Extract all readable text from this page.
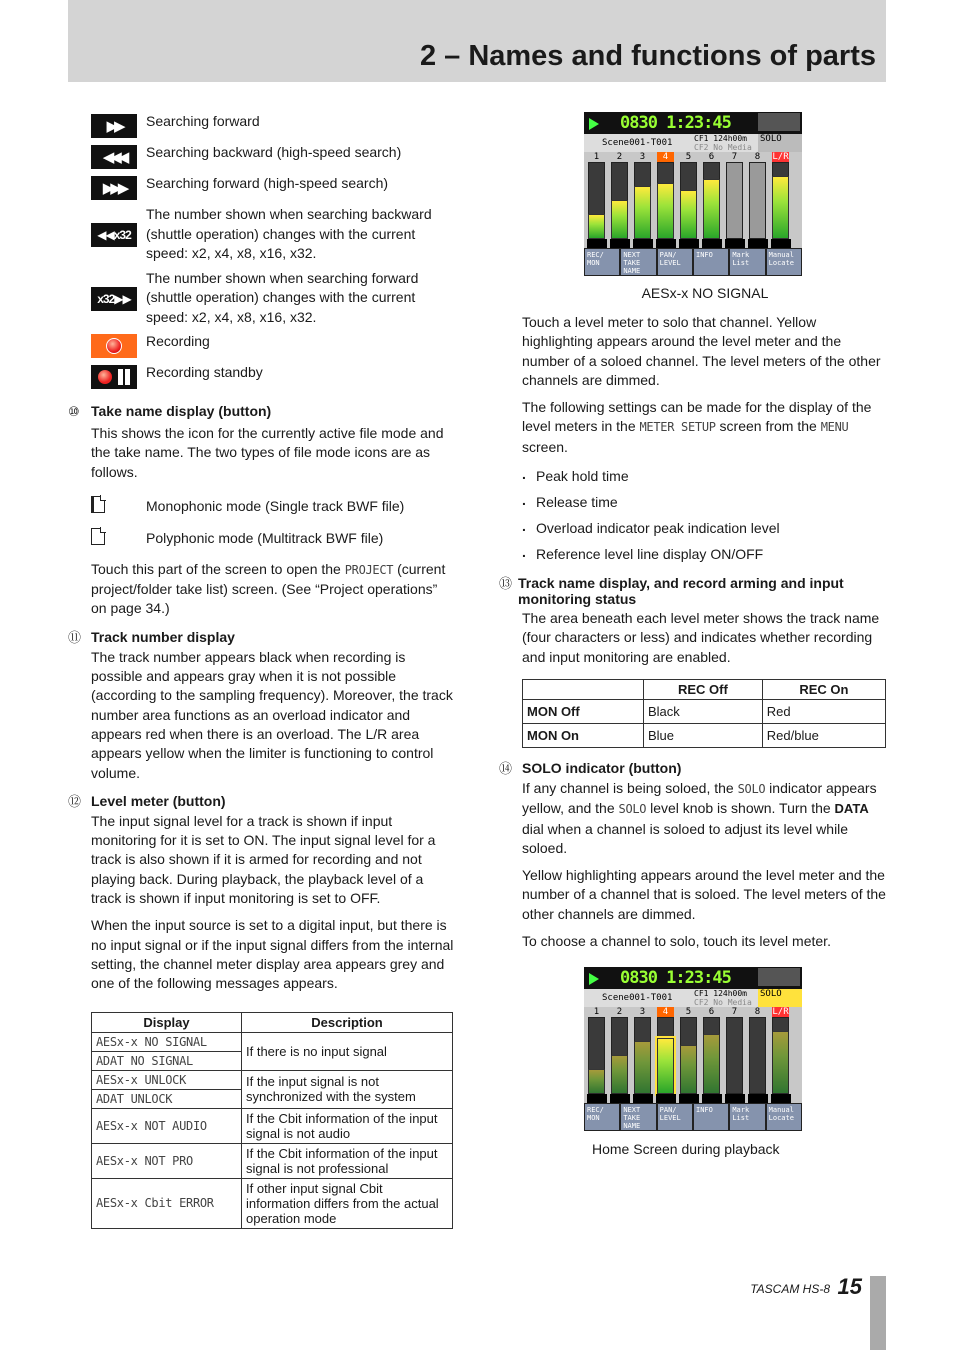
2 – Names and functions of parts
▶▶	Searching forward
◀◀◀	Searching backward (high-speed search)
▶▶▶	Searching forward (high-speed search)
◀◀ x32
The number shown when searching backward (shuttle operation) changes with the current speed: x2, x4, x8, x16, x32.
x32 ▶▶
The number shown when searching forward (shuttle operation) changes with the current speed: x2, x4, x8, x16, x32.
Recording
Recording standby
⑩ Take name display (button)

This shows the icon for the currently active file mode and the take name. The two types of file mode icons are as follows.

Monophonic mode (Single track BWF file)
Polyphonic mode (Multitrack BWF file)

Touch this part of the screen to open the PROJECT (current project/folder take list) screen. (See “Project operations” on page 34.)

⑪ Track number display

The track number appears black when recording is possible and appears gray when it is not possible (according to the sampling frequency). Moreover, the track number area functions as an overload indicator and appears red when there is an overload. The L/R area appears yellow when the limiter is functioning to control volume.

⑫ Level meter (button)

The input signal level for a track is shown if input monitoring for it is set to ON. The input signal level for a track is also shown if it is armed for recording and not playing back. During playback, the playback level of a track is shown if input monitoring is set to OFF.

When the input source is set to a digital input, but there is no input signal or if the input signal differs from the internal setting, the channel meter display area appears grey and one of the following messages appears.

Display	Description
AESx-x NO SIGNAL	If there is no input signal
ADAT NO SIGNAL	
AESx-x UNLOCK	If the input signal is not synchronized with the system
ADAT UNLOCK	
AESx-x NOT AUDIO	If the Cbit information of the input signal is not audio
AESx-x NOT PRO	If the Cbit information of the input signal is not professional
AESx-x Cbit ERROR	If other input signal Cbit information differs from the actual operation mode
0830 1:23:45
Scene001-T001	CF1 124h00m
CF2 No Media
SOLO
1	2	3	4	5	6	7	8	L/R
REC/ MON
NEXT TAKE NAME
PAN/ LEVEL
INFO	Mark List
Manual Locate
AESx-x NO SIGNAL

Touch a level meter to solo that channel. Yellow highlighting appears around the level meter and the number of a soloed channel. The level meters of the other channels are dimmed.

The following settings can be made for the display of the level meters in the METER SETUP screen from the MENU screen.

. Peak hold time
. Release time
. Overload indicator peak indication level
. Reference level line display ON/OFF
⑬ Track name display, and record arming and input monitoring status

The area beneath each level meter shows the track name (four characters or less) and indicates whether recording and input monitoring are enabled.

	REC Off	REC On
MON Off	Black	Red
MON On	Blue	Red/blue
⑭ SOLO indicator (button)

If any channel is being soloed, the SOLO indicator appears yellow, and the SOLO level knob is shown. Turn the DATA dial when a channel is soloed to adjust its level while soloed.

Yellow highlighting appears around the level meter and the number of a channel that is soloed. The level meters of the other channels are dimmed.

To choose a channel to solo, touch its level meter.

0830 1:23:45
Scene001-T001	CF1 124h00m
CF2 No Media
SOLO
1	2	3	4	5	6	7	8	L/R
REC/ MON
NEXT TAKE NAME
PAN/ LEVEL
INFO	Mark List
Manual Locate
Home Screen during playback
TASCAM HS-8 15
